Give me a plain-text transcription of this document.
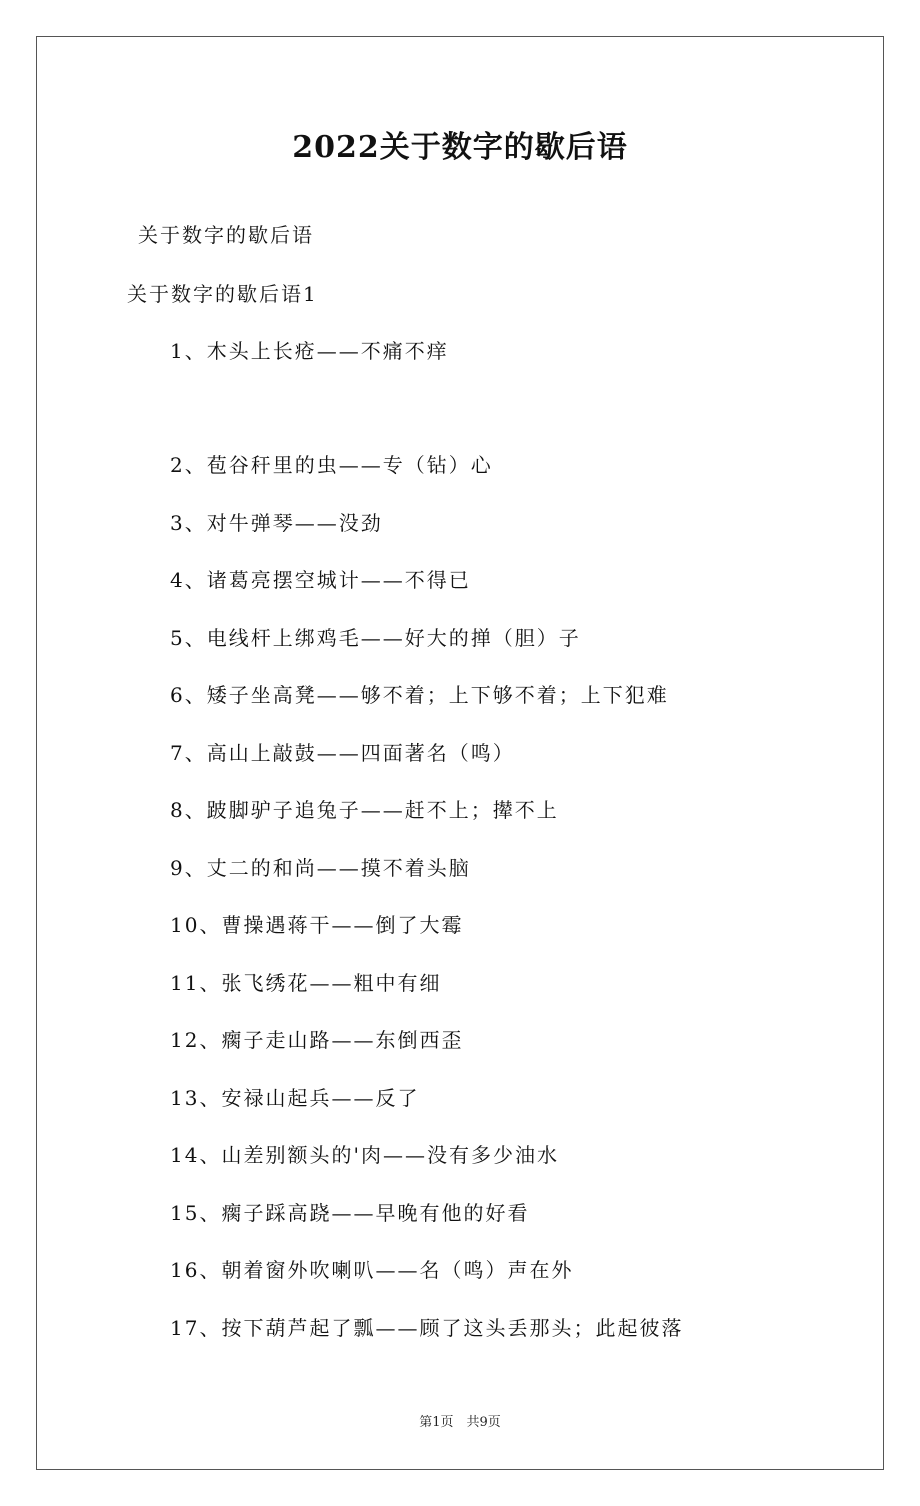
2022关于数字的歇后语
关于数字的歇后语
关于数字的歇后语1
1、木头上长疮——不痛不痒
2、苞谷秆里的虫——专（钻）心
3、对牛弹琴——没劲
4、诸葛亮摆空城计——不得已
5、电线杆上绑鸡毛——好大的掸（胆）子
6、矮子坐高凳——够不着；上下够不着；上下犯难
7、高山上敲鼓——四面著名（鸣）
8、跛脚驴子追兔子——赶不上；撵不上
9、丈二的和尚——摸不着头脑
10、曹操遇蒋干——倒了大霉
11、张飞绣花——粗中有细
12、瘸子走山路——东倒西歪
13、安禄山起兵——反了
14、山差别额头的'肉——没有多少油水
15、瘸子踩高跷——早晚有他的好看
16、朝着窗外吹喇叭——名（鸣）声在外
17、按下葫芦起了瓢——顾了这头丢那头；此起彼落
第1页　共9页
